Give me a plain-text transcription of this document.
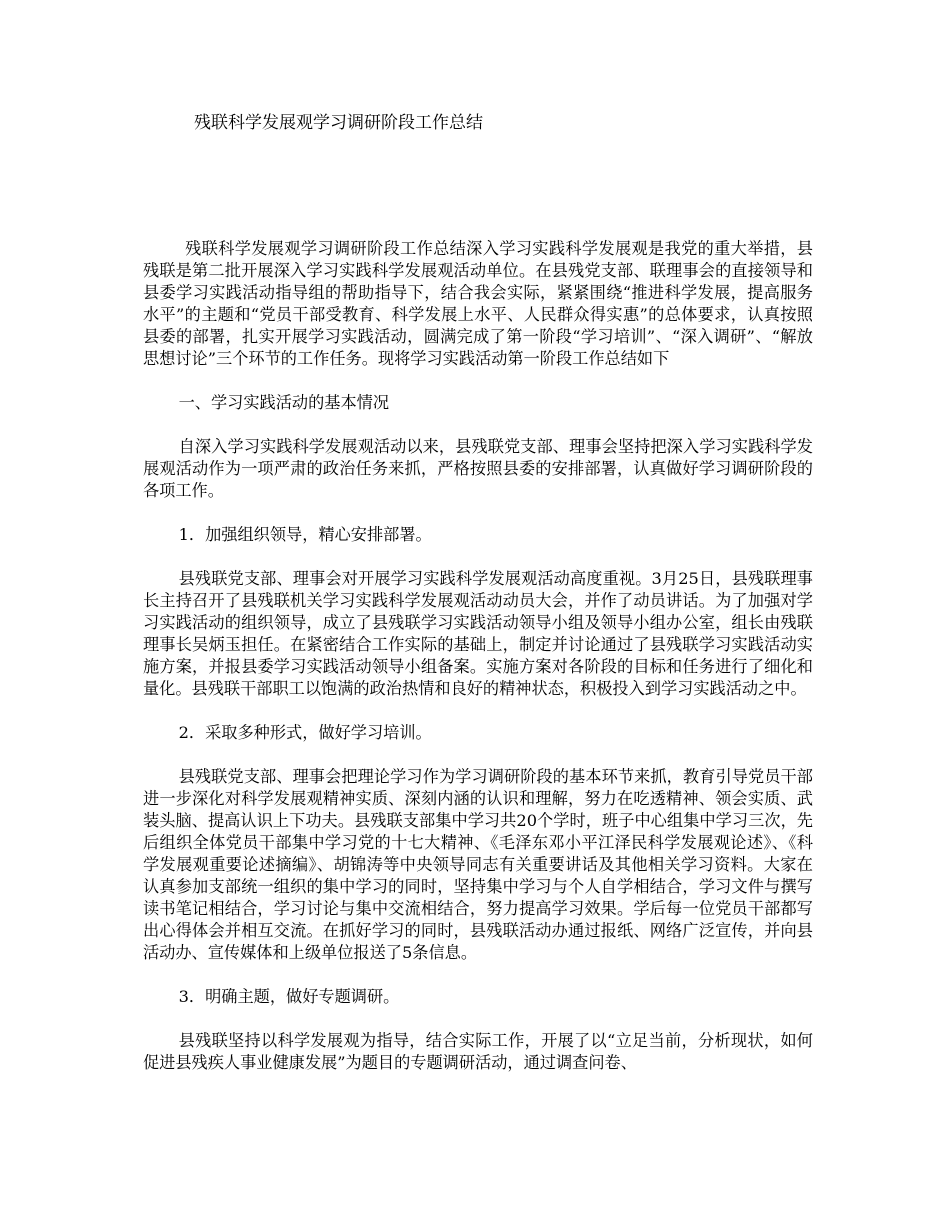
残联科学发展观学习调研阶段工作总结

残联科学发展观学习调研阶段工作总结深入学习实践科学发展观是我党的重大举措，县残联是第二批开展深入学习实践科学发展观活动单位。在县残党支部、联理事会的直接领导和县委学习实践活动指导组的帮助指导下，结合我会实际，紧紧围绕“推进科学发展，提高服务水平”的主题和“党员干部受教育、科学发展上水平、人民群众得实惠”的总体要求，认真按照县委的部署，扎实开展学习实践活动，圆满完成了第一阶段“学习培训”、“深入调研”、“解放思想讨论”三个环节的工作任务。现将学习实践活动第一阶段工作总结如下

一、学习实践活动的基本情况

自深入学习实践科学发展观活动以来，县残联党支部、理事会坚持把深入学习实践科学发展观活动作为一项严肃的政治任务来抓，严格按照县委的安排部署，认真做好学习调研阶段的各项工作。

1．加强组织领导，精心安排部署。

县残联党支部、理事会对开展学习实践科学发展观活动高度重视。3月25日，县残联理事长主持召开了县残联机关学习实践科学发展观活动动员大会，并作了动员讲话。为了加强对学习实践活动的组织领导，成立了县残联学习实践活动领导小组及领导小组办公室，组长由残联理事长吴炳玉担任。在紧密结合工作实际的基础上，制定并讨论通过了县残联学习实践活动实施方案，并报县委学习实践活动领导小组备案。实施方案对各阶段的目标和任务进行了细化和量化。县残联干部职工以饱满的政治热情和良好的精神状态，积极投入到学习实践活动之中。

2．采取多种形式，做好学习培训。

县残联党支部、理事会把理论学习作为学习调研阶段的基本环节来抓，教育引导党员干部进一步深化对科学发展观精神实质、深刻内涵的认识和理解，努力在吃透精神、领会实质、武装头脑、提高认识上下功夫。县残联支部集中学习共20个学时，班子中心组集中学习三次，先后组织全体党员干部集中学习党的十七大精神、《毛泽东邓小平江泽民科学发展观论述》、《科学发展观重要论述摘编》、胡锦涛等中央领导同志有关重要讲话及其他相关学习资料。大家在认真参加支部统一组织的集中学习的同时，坚持集中学习与个人自学相结合，学习文件与撰写读书笔记相结合，学习讨论与集中交流相结合，努力提高学习效果。学后每一位党员干部都写出心得体会并相互交流。在抓好学习的同时，县残联活动办通过报纸、网络广泛宣传，并向县活动办、宣传媒体和上级单位报送了5条信息。

3．明确主题，做好专题调研。

县残联坚持以科学发展观为指导，结合实际工作，开展了以“立足当前，分析现状，如何促进县残疾人事业健康发展”为题目的专题调研活动，通过调查问卷、
